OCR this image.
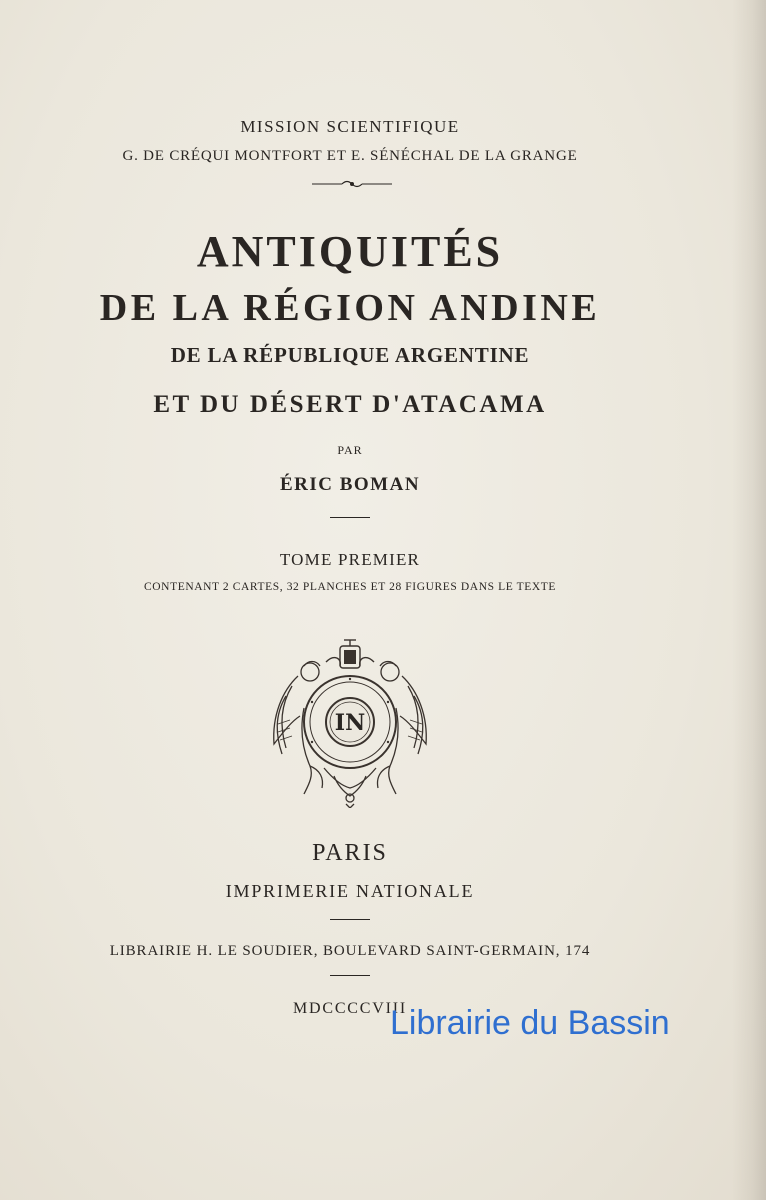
MISSION SCIENTIFIQUE
G. DE CRÉQUI MONTFORT ET E. SÉNÉCHAL DE LA GRANGE
ANTIQUITÉS
DE LA RÉGION ANDINE
DE LA RÉPUBLIQUE ARGENTINE
ET DU DÉSERT D'ATACAMA
PAR
ÉRIC BOMAN
TOME PREMIER
CONTENANT 2 CARTES, 32 PLANCHES ET 28 FIGURES DANS LE TEXTE
IN
PARIS
IMPRIMERIE NATIONALE
LIBRAIRIE H. LE SOUDIER, BOULEVARD SAINT-GERMAIN, 174
MDCCCCVIII
Librairie du Bassin
